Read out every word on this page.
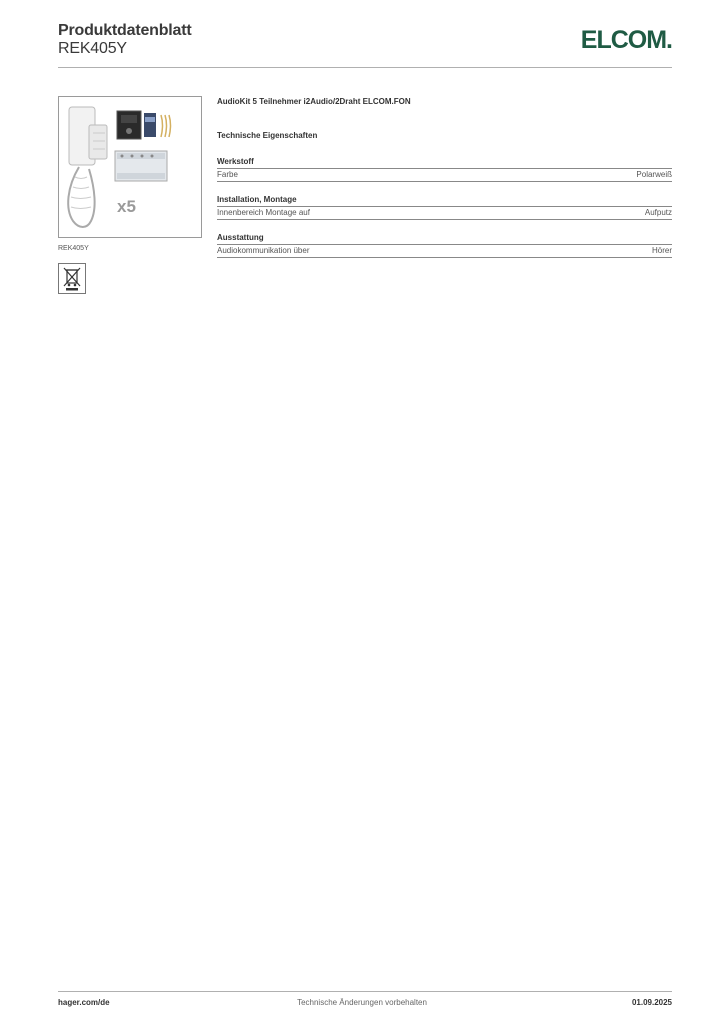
Produktdatenblatt
REK405Y	ELCOM.
x5
REK405Y
AudioKit 5 Teilnehmer i2Audio/2Draht ELCOM.FON
Technische Eigenschaften
Werkstoff
Farbe	Polarweiß
Installation, Montage
Innenbereich Montage auf	Aufputz
Ausstattung
Audiokommunikation über	Hörer
hager.com/de	Technische Änderungen vorbehalten	01.09.2025
